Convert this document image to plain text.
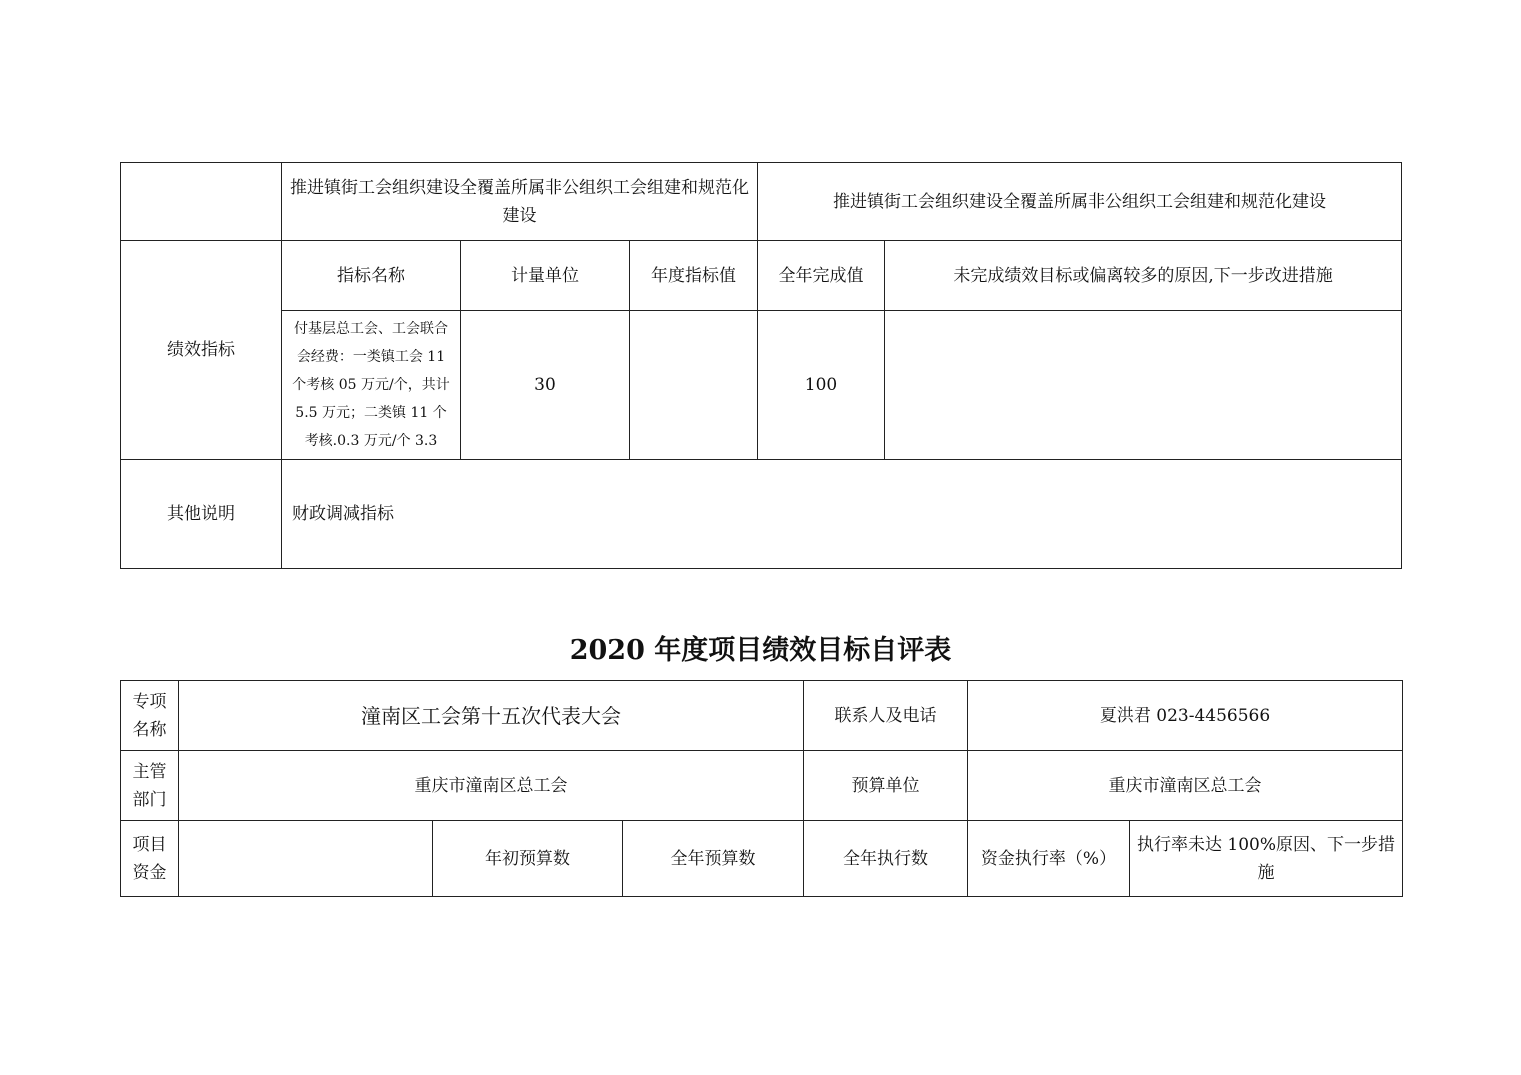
	推进镇街工会组织建设全覆盖所属非公组织工会组建和规范化建设			推进镇街工会组织建设全覆盖所属非公组织工会组建和规范化建设	
绩效指标	指标名称	计量单位	年度指标值	全年完成值	未完成绩效目标或偏离较多的原因,下一步改进措施
	付基层总工会、工会联合会经费：一类镇工会 11 个考核 05 万元/个，共计 5.5 万元；二类镇 11 个考核.0.3 万元/个 3.3	30		100	
其他说明	财政调减指标				
2020 年度项目绩效目标自评表
专项名称	潼南区工会第十五次代表大会			联系人及电话	夏洪君 023-4456566	
主管部门	重庆市潼南区总工会			预算单位	重庆市潼南区总工会	
项目资金		年初预算数	全年预算数	全年执行数	资金执行率（%）	执行率未达 100%原因、下一步措施
